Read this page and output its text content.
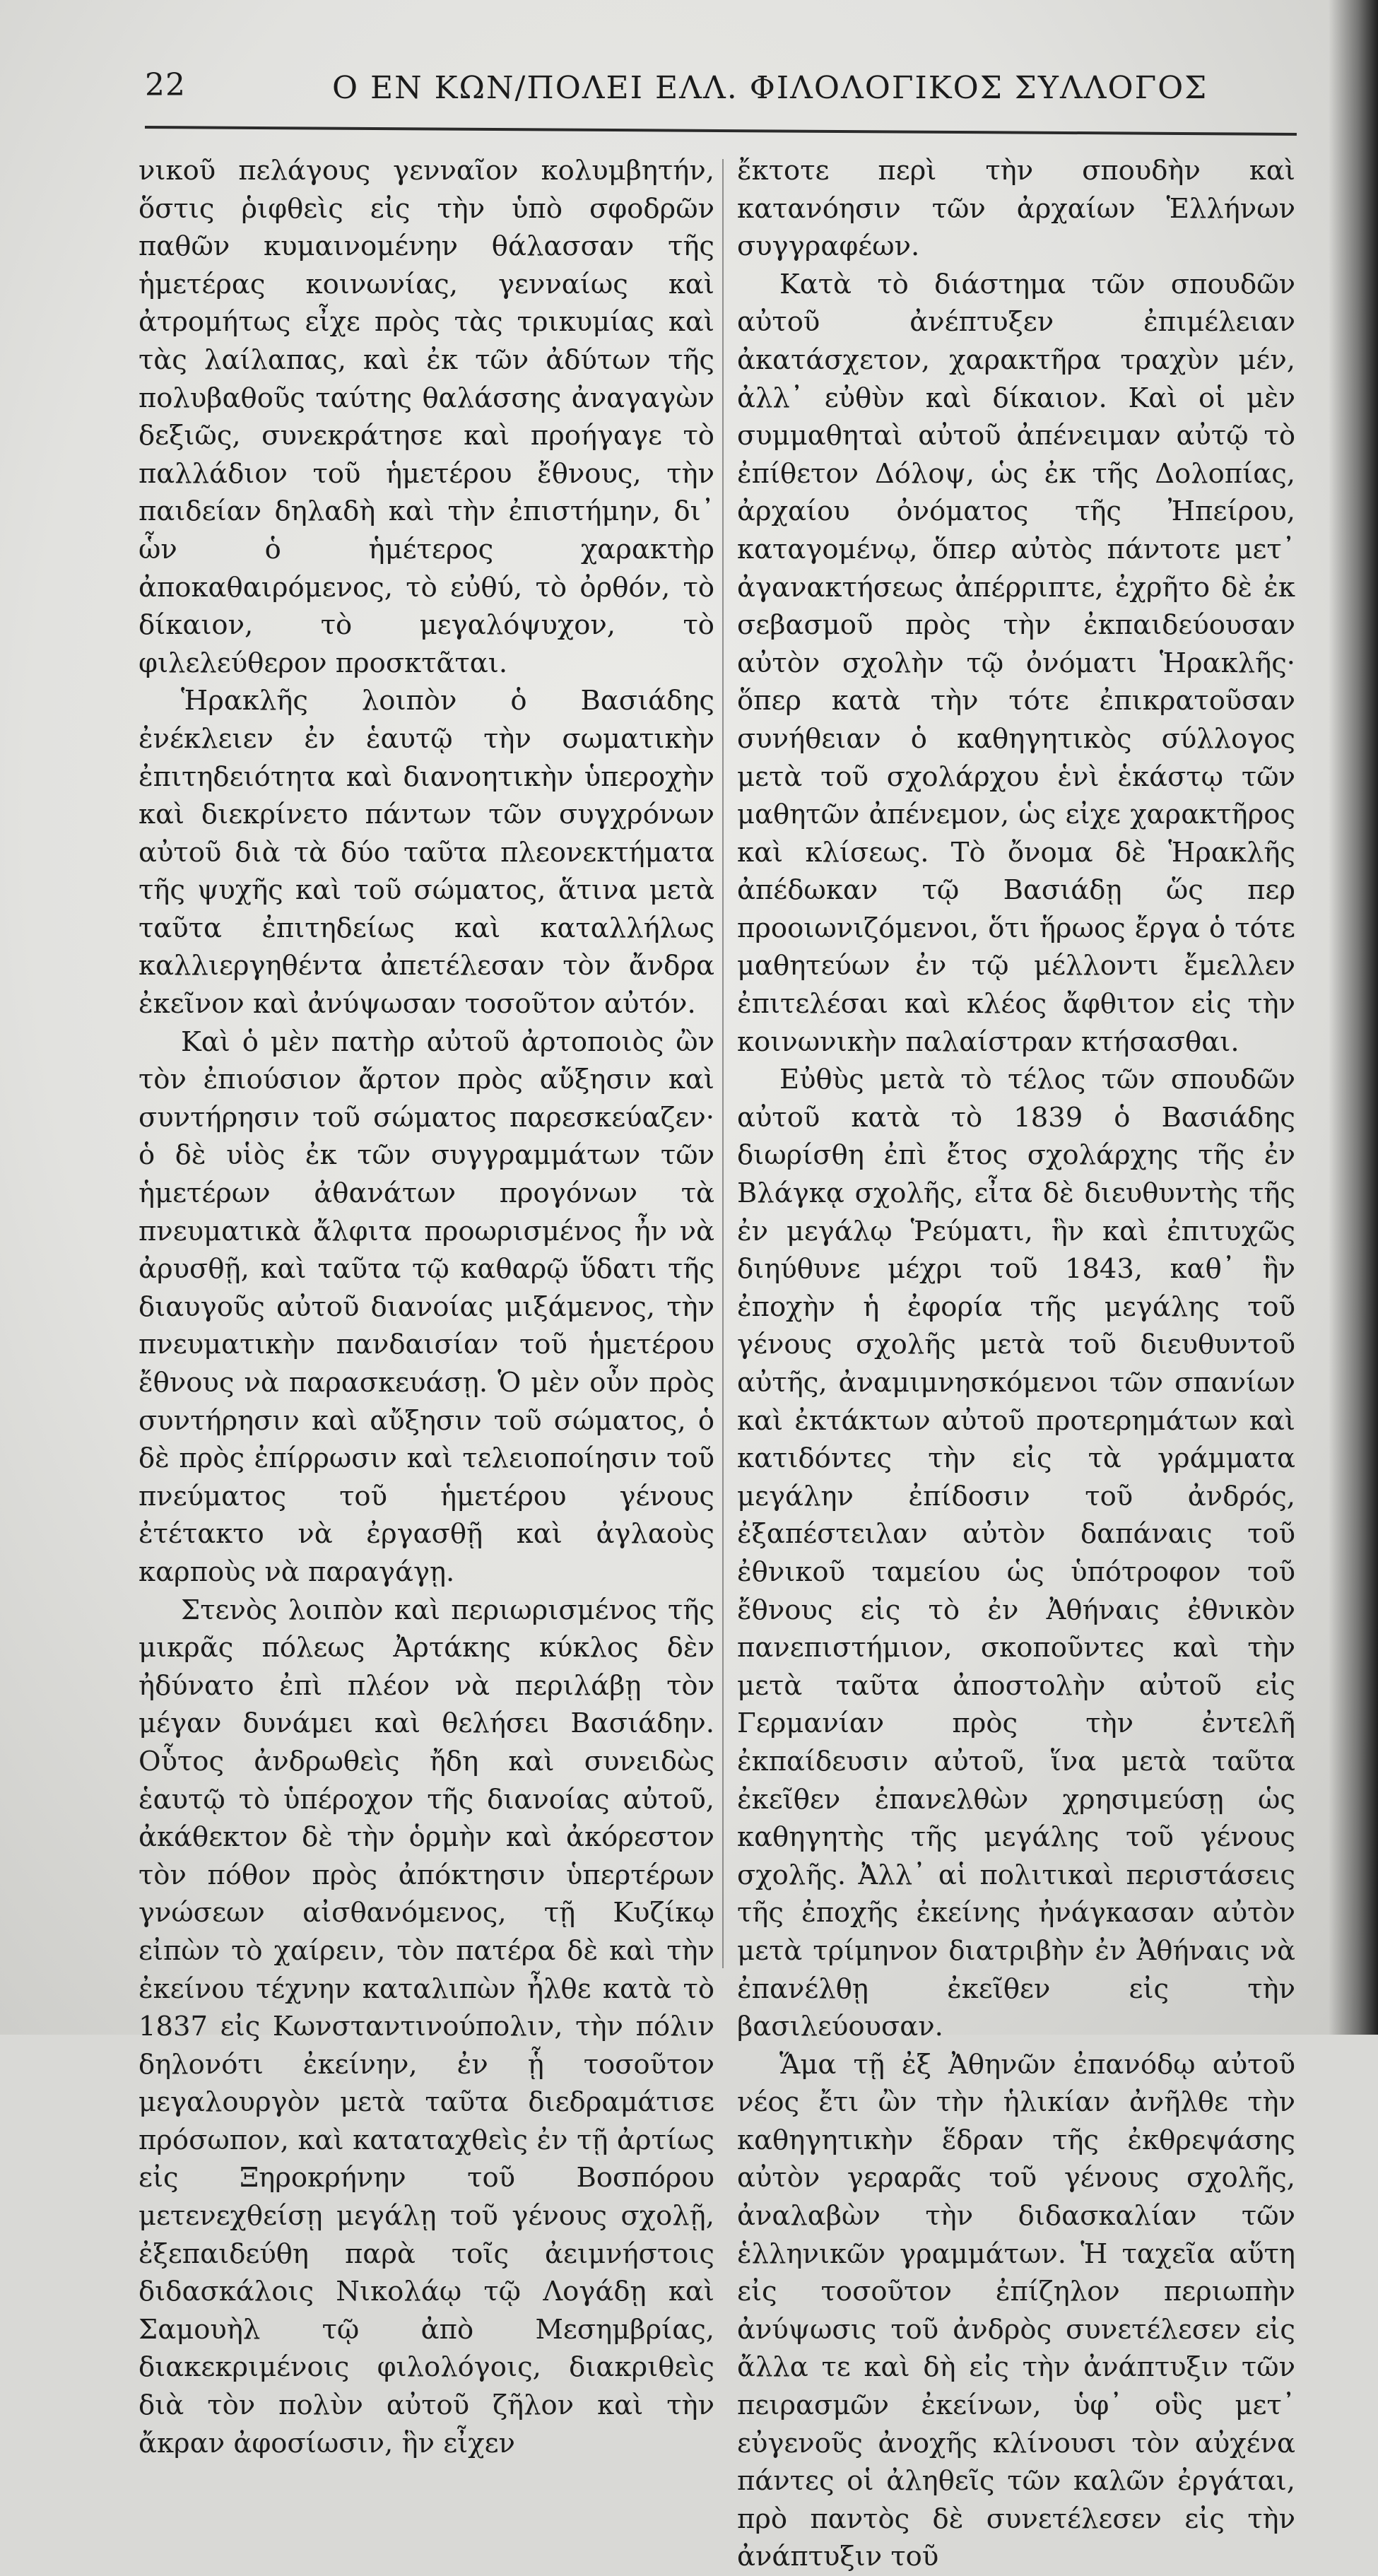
22	Ο ΕΝ ΚΩΝ/ΠΟΛΕΙ ΕΛΛ. ΦΙΛΟΛΟΓΙΚΟΣ ΣΥΛΛΟΓΟΣ

νικοῦ πελάγους γενναῖον κολυμβητήν, ὅστις ῥιφθεὶς εἰς τὴν ὑπὸ σφοδρῶν παθῶν κυμαινομένην θάλασσαν τῆς ἡμετέρας κοινωνίας, γενναίως καὶ ἀτρομήτως εἶχε πρὸς τὰς τρικυμίας καὶ τὰς λαίλαπας, καὶ ἐκ τῶν ἀδύτων τῆς πολυβαθοῦς ταύτης θαλάσσης ἀναγαγὼν δεξιῶς, συνεκράτησε καὶ προήγαγε τὸ παλλάδιον τοῦ ἡμετέρου ἔθνους, τὴν παιδείαν δηλαδὴ καὶ τὴν ἐπιστήμην, δι᾽ ὧν ὁ ἡμέτερος χαρακτὴρ ἀποκαθαιρόμενος, τὸ εὐθύ, τὸ ὀρθόν, τὸ δίκαιον, τὸ μεγαλόψυχον, τὸ φιλελεύθερον προσκτᾶται.

Ἡρακλῆς λοιπὸν ὁ Βασιάδης ἐνέκλειεν ἐν ἑαυτῷ τὴν σωματικὴν ἐπιτηδειότητα καὶ διανοητικὴν ὑπεροχὴν καὶ διεκρίνετο πάντων τῶν συγχρόνων αὐτοῦ διὰ τὰ δύο ταῦτα πλεονεκτήματα τῆς ψυχῆς καὶ τοῦ σώματος, ἅτινα μετὰ ταῦτα ἐπιτηδείως καὶ καταλλήλως καλλιεργηθέντα ἀπετέλεσαν τὸν ἄνδρα ἐκεῖνον καὶ ἀνύψωσαν τοσοῦτον αὐτόν.

Καὶ ὁ μὲν πατὴρ αὐτοῦ ἀρτοποιὸς ὢν τὸν ἐπιούσιον ἄρτον πρὸς αὔξησιν καὶ συντήρησιν τοῦ σώματος παρεσκεύαζεν· ὁ δὲ υἱὸς ἐκ τῶν συγγραμμάτων τῶν ἡμετέρων ἀθανάτων προγόνων τὰ πνευματικὰ ἄλφιτα προωρισμένος ἦν νὰ ἀρυσθῇ, καὶ ταῦτα τῷ καθαρῷ ὕδατι τῆς διαυγοῦς αὐτοῦ διανοίας μιξάμενος, τὴν πνευματικὴν πανδαισίαν τοῦ ἡμετέρου ἔθνους νὰ παρασκευάσῃ. Ὁ μὲν οὖν πρὸς συντήρησιν καὶ αὔξησιν τοῦ σώματος, ὁ δὲ πρὸς ἐπίρρωσιν καὶ τελειοποίησιν τοῦ πνεύματος τοῦ ἡμετέρου γένους ἐτέτακτο νὰ ἐργασθῇ καὶ ἀγλαοὺς καρποὺς νὰ παραγάγῃ.

Στενὸς λοιπὸν καὶ περιωρισμένος τῆς μικρᾶς πόλεως Ἀρτάκης κύκλος δὲν ἠδύνατο ἐπὶ πλέον νὰ περιλάβῃ τὸν μέγαν δυνάμει καὶ θελήσει Βασιάδην. Οὗτος ἀνδρωθεὶς ἤδη καὶ συνειδὼς ἑαυτῷ τὸ ὑπέροχον τῆς διανοίας αὐτοῦ, ἀκάθεκτον δὲ τὴν ὁρμὴν καὶ ἀκόρεστον τὸν πόθον πρὸς ἀπόκτησιν ὑπερτέρων γνώσεων αἰσθανόμενος, τῇ Κυζίκῳ εἰπὼν τὸ χαίρειν, τὸν πατέρα δὲ καὶ τὴν ἐκείνου τέχνην καταλιπὼν ἦλθε κατὰ τὸ 1837 εἰς Κωνσταντινούπολιν, τὴν πόλιν δηλονότι ἐκείνην, ἐν ᾗ τοσοῦτον μεγαλουργὸν μετὰ ταῦτα διεδραμάτισε πρόσωπον, καὶ καταταχθεὶς ἐν τῇ ἀρτίως εἰς Ξηροκρήνην τοῦ Βοσπόρου μετενεχθείσῃ μεγάλῃ τοῦ γένους σχολῇ, ἐξεπαιδεύθη παρὰ τοῖς ἀειμνήστοις διδασκάλοις Νικολάῳ τῷ Λογάδῃ καὶ Σαμουὴλ τῷ ἀπὸ Μεσημβρίας, διακεκριμένοις φιλολόγοις, διακριθεὶς διὰ τὸν πολὺν αὐτοῦ ζῆλον καὶ τὴν ἄκραν ἀφοσίωσιν, ἣν εἶχεν

ἔκτοτε περὶ τὴν σπουδὴν καὶ κατανόησιν τῶν ἀρχαίων Ἑλλήνων συγγραφέων.

Κατὰ τὸ διάστημα τῶν σπουδῶν αὐτοῦ ἀνέπτυξεν ἐπιμέλειαν ἀκατάσχετον, χαρακτῆρα τραχὺν μέν, ἀλλ᾽ εὐθὺν καὶ δίκαιον. Καὶ οἱ μὲν συμμαθηταὶ αὐτοῦ ἀπένειμαν αὐτῷ τὸ ἐπίθετον Δόλοψ, ὡς ἐκ τῆς Δολοπίας, ἀρχαίου ὀνόματος τῆς Ἠπείρου, καταγομένῳ, ὅπερ αὐτὸς πάντοτε μετ᾽ ἀγανακτήσεως ἀπέρριπτε, ἐχρῆτο δὲ ἐκ σεβασμοῦ πρὸς τὴν ἐκπαιδεύουσαν αὐτὸν σχολὴν τῷ ὀνόματι Ἡρακλῆς· ὅπερ κατὰ τὴν τότε ἐπικρατοῦσαν συνήθειαν ὁ καθηγητικὸς σύλλογος μετὰ τοῦ σχολάρχου ἑνὶ ἑκάστῳ τῶν μαθητῶν ἀπένεμον, ὡς εἰχε χαρακτῆρος καὶ κλίσεως. Τὸ ὄνομα δὲ Ἡρακλῆς ἀπέδωκαν τῷ Βασιάδῃ ὥς περ προοιωνιζόμενοι, ὅτι ἥρωος ἔργα ὁ τότε μαθητεύων ἐν τῷ μέλλοντι ἔμελλεν ἐπιτελέσαι καὶ κλέος ἄφθιτον εἰς τὴν κοινωνικὴν παλαίστραν κτήσασθαι.

Εὐθὺς μετὰ τὸ τέλος τῶν σπουδῶν αὐτοῦ κατὰ τὸ 1839 ὁ Βασιάδης διωρίσθη ἐπὶ ἔτος σχολάρχης τῆς ἐν Βλάγκᾳ σχολῆς, εἶτα δὲ διευθυντὴς τῆς ἐν μεγάλῳ Ῥεύματι, ἣν καὶ ἐπιτυχῶς διηύθυνε μέχρι τοῦ 1843, καθ᾽ ἣν ἐποχὴν ἡ ἐφορία τῆς μεγάλης τοῦ γένους σχολῆς μετὰ τοῦ διευθυντοῦ αὐτῆς, ἀναμιμνησκόμενοι τῶν σπανίων καὶ ἐκτάκτων αὐτοῦ προτερημάτων καὶ κατιδόντες τὴν εἰς τὰ γράμματα μεγάλην ἐπίδοσιν τοῦ ἀνδρός, ἐξαπέστειλαν αὐτὸν δαπάναις τοῦ ἐθνικοῦ ταμείου ὡς ὑπότροφον τοῦ ἔθνους εἰς τὸ ἐν Ἀθήναις ἐθνικὸν πανεπιστήμιον, σκοποῦντες καὶ τὴν μετὰ ταῦτα ἀποστολὴν αὐτοῦ εἰς Γερμανίαν πρὸς τὴν ἐντελῆ ἐκπαίδευσιν αὐτοῦ, ἵνα μετὰ ταῦτα ἐκεῖθεν ἐπανελθὼν χρησιμεύσῃ ὡς καθηγητὴς τῆς μεγάλης τοῦ γένους σχολῆς. Ἀλλ᾽ αἱ πολιτικαὶ περιστάσεις τῆς ἐποχῆς ἐκείνης ἠνάγκασαν αὐτὸν μετὰ τρίμηνον διατριβὴν ἐν Ἀθήναις νὰ ἐπανέλθῃ ἐκεῖθεν εἰς τὴν βασιλεύουσαν.

Ἅμα τῇ ἐξ Ἀθηνῶν ἐπανόδῳ αὐτοῦ νέος ἔτι ὢν τὴν ἡλικίαν ἀνῆλθε τὴν καθηγητικὴν ἕδραν τῆς ἐκθρεψάσης αὐτὸν γεραρᾶς τοῦ γένους σχολῆς, ἀναλαβὼν τὴν διδασκαλίαν τῶν ἑλληνικῶν γραμμάτων. Ἡ ταχεῖα αὕτη εἰς τοσοῦτον ἐπίζηλον περιωπὴν ἀνύψωσις τοῦ ἀνδρὸς συνετέλεσεν εἰς ἄλλα τε καὶ δὴ εἰς τὴν ἀνάπτυξιν τῶν πειρασμῶν ἐκείνων, ὑφ᾽ οὓς μετ᾽ εὐγενοῦς ἀνοχῆς κλίνουσι τὸν αὐχένα πάντες οἱ ἀληθεῖς τῶν καλῶν ἐργάται, πρὸ παντὸς δὲ συνετέλεσεν εἰς τὴν ἀνάπτυξιν τοῦ
